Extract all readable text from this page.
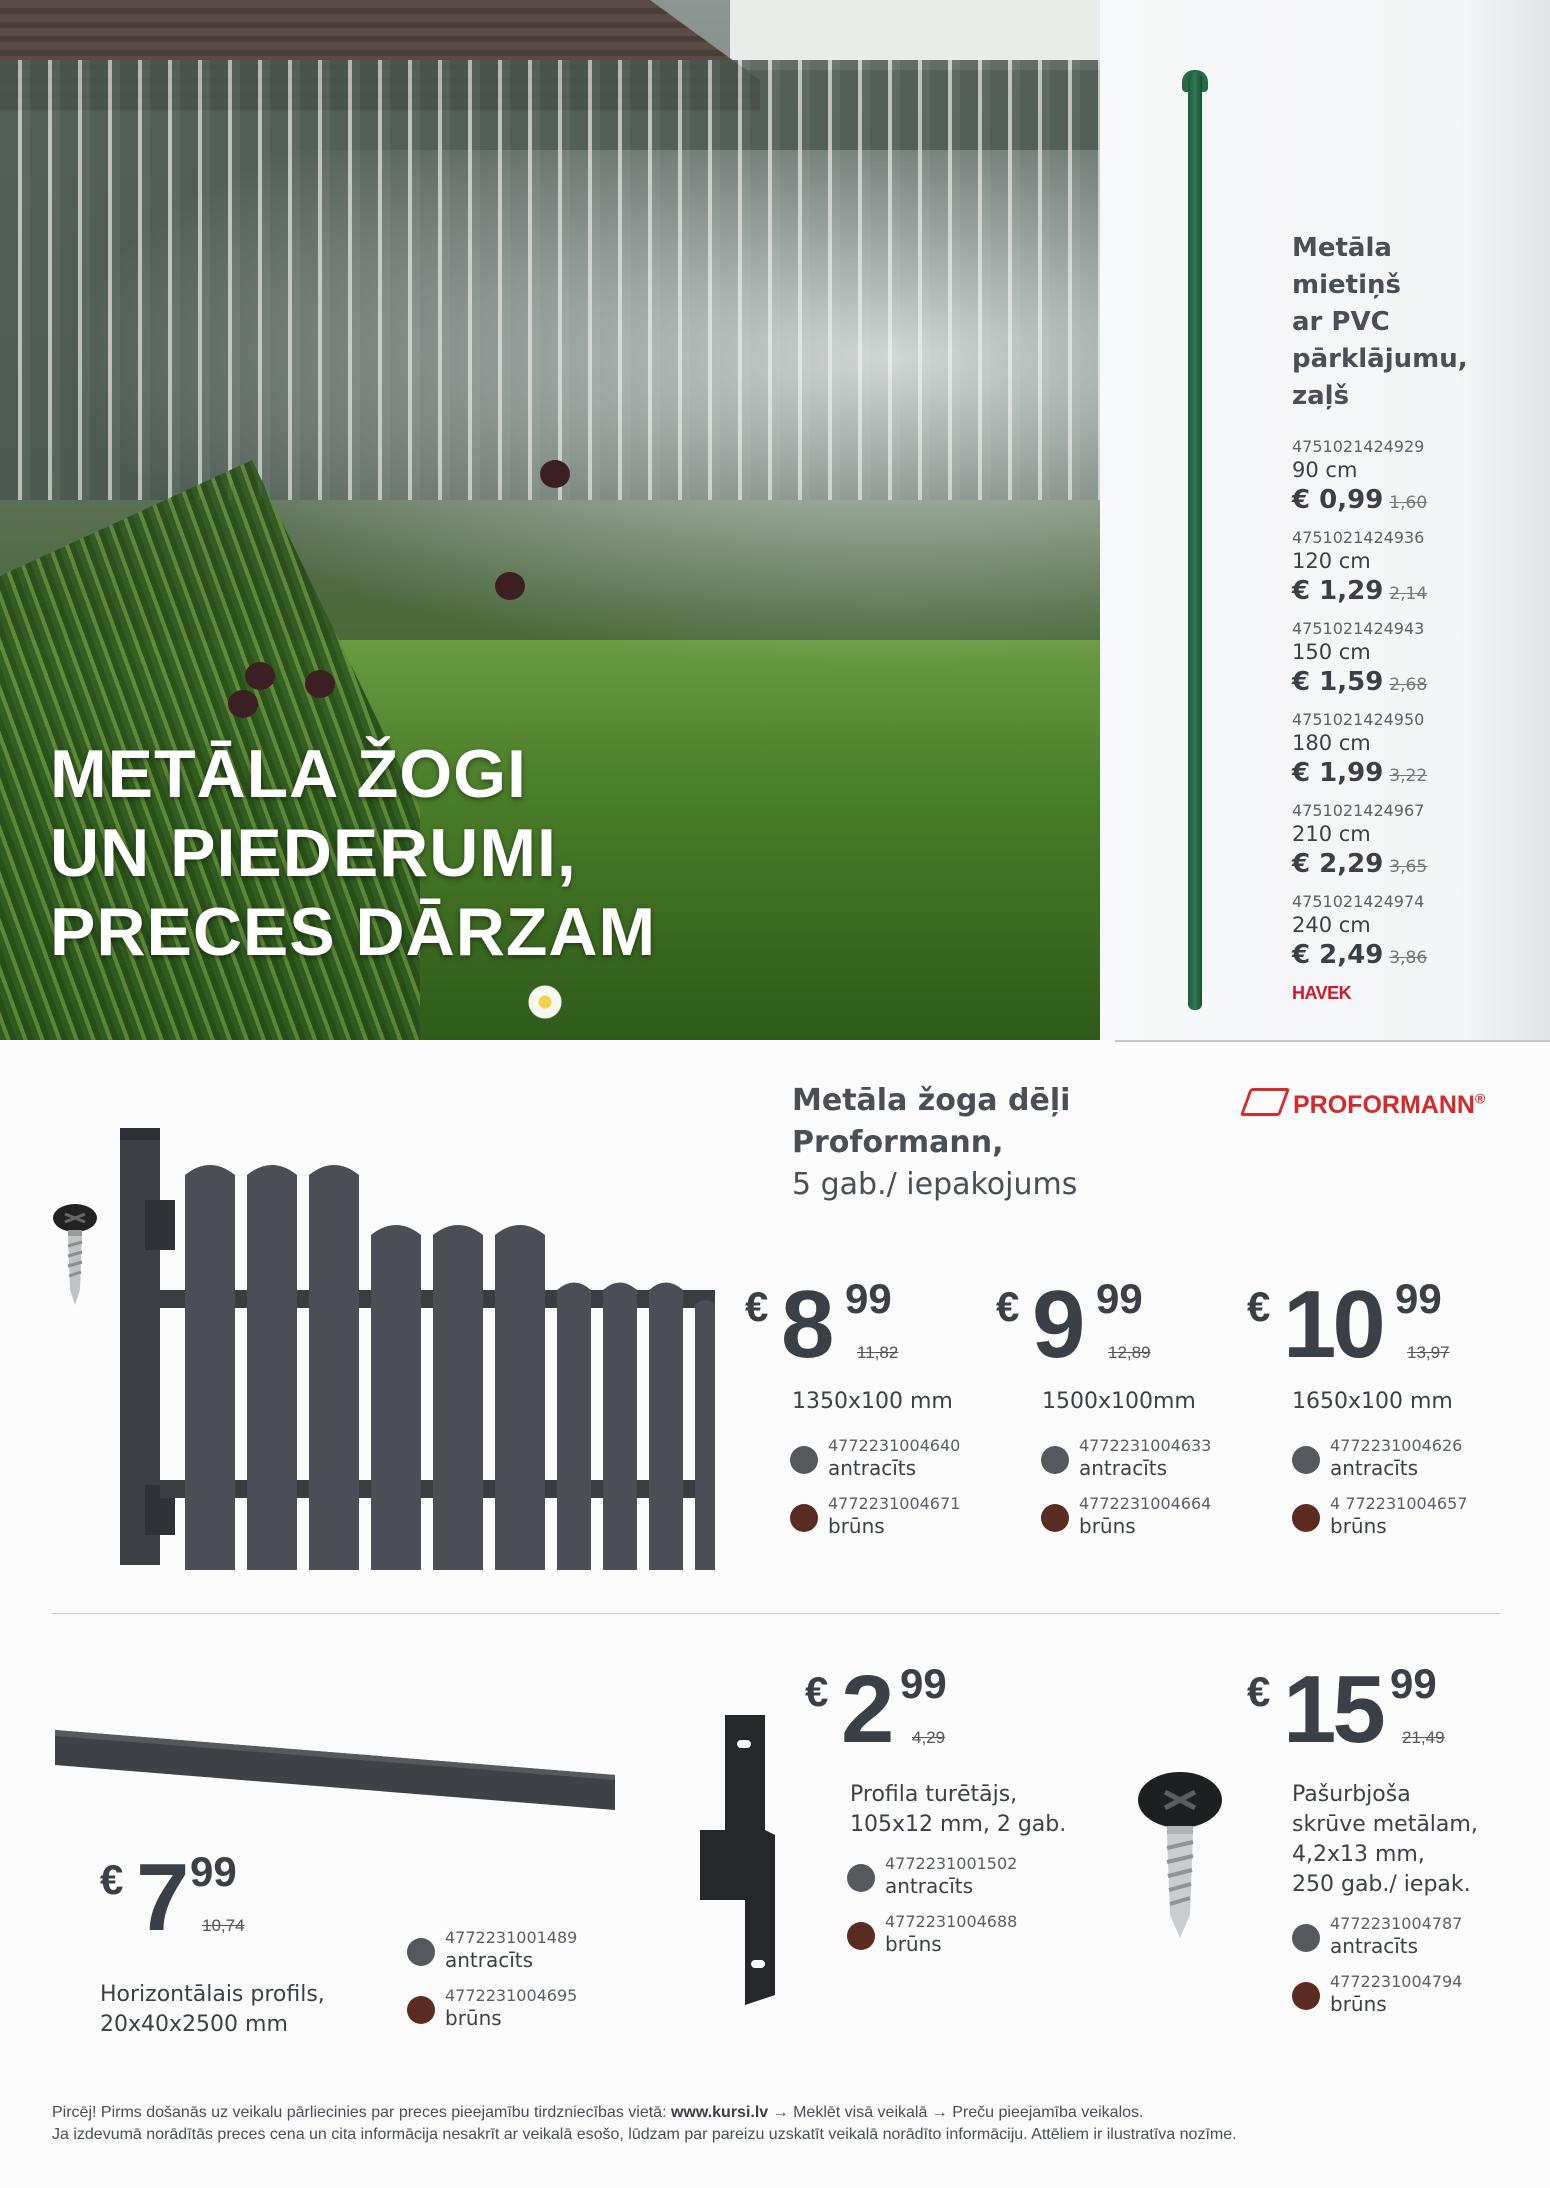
METĀLA ŽOGI
UN PIEDERUMI,
PRECES DĀRZAM
Metāla
mietiņš
ar PVC
pārklājumu,
zaļš
4751021424929
90 cm
€ 0,99 1,60
4751021424936
120 cm
€ 1,29 2,14
4751021424943
150 cm
€ 1,59 2,68
4751021424950
180 cm
€ 1,99 3,22
4751021424967
210 cm
€ 2,29 3,65
4751021424974
240 cm
€ 2,49 3,86
HAVEK
Metāla žoga dēļi
Proformann,
5 gab./ iepakojums
PROFORMANN®
€ 8 99
11,82
1350x100 mm
4772231004640
antracīts
4772231004671
brūns
€ 9 99
12,89
1500x100mm
4772231004633
antracīts
4772231004664
brūns
€ 10 99
13,97
1650x100 mm
4772231004626
antracīts
4 772231004657
brūns
€ 7 99
10,74
Horizontālais profils,
20x40x2500 mm
4772231001489
antracīts
4772231004695
brūns
€ 2 99
4,29
Profila turētājs,
105x12 mm, 2 gab.
4772231001502
antracīts
4772231004688
brūns
€ 15 99
21,49
Pašurbjoša
skrūve metālam,
4,2x13 mm,
250 gab./ iepak.
4772231004787
antracīts
4772231004794
brūns
Pircēj! Pirms došanās uz veikalu pārliecinies par preces pieejamību tirdzniecības vietā: www.kursi.lv → Meklēt visā veikalā → Preču pieejamība veikalos.
Ja izdevumā norādītās preces cena un cita informācija nesakrīt ar veikalā esošo, lūdzam par pareizu uzskatīt veikalā norādīto informāciju. Attēliem ir ilustratīva nozīme.
